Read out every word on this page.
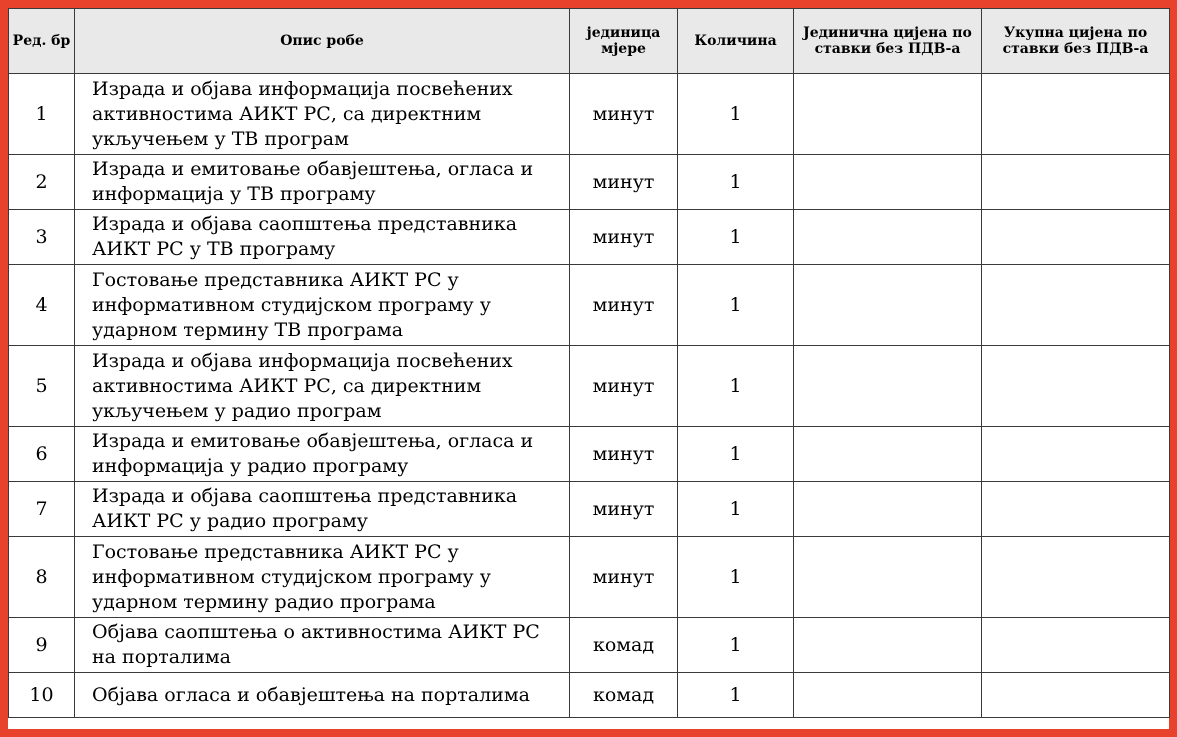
Ред. бр	Опис робе	јединица мјере	Количина	Јединична цијена по ставки без ПДВ-а	Укупна цијена по ставки без ПДВ-а
1	Израда и објава информација посвећених активностима АИКТ РС, са директним укључењем у ТВ програм	минут	1		
2	Израда и емитовање обавјештења, огласа и информација у ТВ програму	минут	1		
3	Израда и објава саопштења представника АИКТ РС у ТВ програму	минут	1		
4	Гостовање представника АИКТ РС у информативном студијском програму у ударном термину ТВ програма	минут	1		
5	Израда и објава информација посвећених активностима АИКТ РС, са директним укључењем у радио програм	минут	1		
6	Израда и емитовање обавјештења, огласа и информација у радио програму	минут	1		
7	Израда и објава саопштења представника АИКТ РС у радио програму	минут	1		
8	Гостовање представника АИКТ РС у информативном студијском програму у ударном термину радио програма	минут	1		
9	Објава саопштења о активностима АИКТ РС на порталима	комад	1		
10	Објава огласа и обавјештења на порталима	комад	1		
